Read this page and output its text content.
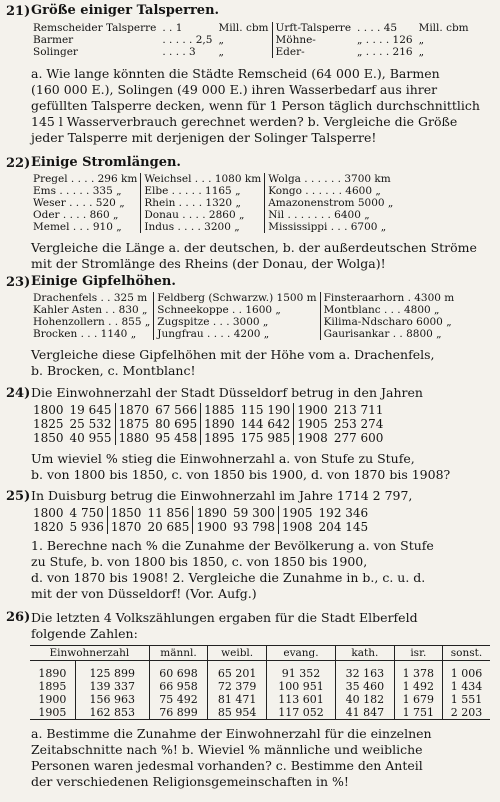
21) Größe einiger Talsperren.
Remscheider Talsperre	. . 1	Mill. cbm	Urft-Talsperre	. . . . 45	Mill. cbm
Barmer	. . . . . 2,5	„	Möhne-	„ . . . . 126	„
Solinger	. . . . 3	„	Eder-	„ . . . . 216	„
a. Wie lange könnten die Städte Remscheid (64 000 E.), Barmen
(160 000 E.), Solingen (49 000 E.) ihren Wasserbedarf aus ihrer
gefüllten Talsperre decken, wenn für 1 Person täglich durchschnittlich
145 l Wasserverbrauch gerechnet werden? b. Vergleiche die Größe
jeder Talsperre mit derjenigen der Solinger Talsperre!
22) Einige Stromlängen.
Pregel . . . . 296 km	Weichsel . . . 1080 km	Wolga . . . . . . 3700 km
Ems . . . . . 335 „	Elbe . . . . . 1165 „	Kongo . . . . . . 4600 „
Weser . . . . 520 „	Rhein . . . . 1320 „	Amazonenstrom 5000 „
Oder . . . . 860 „	Donau . . . . 2860 „	Nil . . . . . . . 6400 „
Memel . . . 910 „	Indus . . . . 3200 „	Mississippi . . . 6700 „
Vergleiche die Länge a. der deutschen, b. der außerdeutschen Ströme
mit der Stromlänge des Rheins (der Donau, der Wolga)!
23) Einige Gipfelhöhen.
Drachenfels . . 325 m	Feldberg (Schwarzw.) 1500 m	Finsteraarhorn . 4300 m
Kahler Asten . . 830 „	Schneekoppe . . 1600 „	Montblanc . . . 4800 „
Hohenzollern . . 855 „	Zugspitze . . . 3000 „	Kilima-Ndscharo 6000 „
Brocken . . . 1140 „	Jungfrau . . . . 4200 „	Gaurisankar . . 8800 „
Vergleiche diese Gipfelhöhen mit der Höhe vom a. Drachenfels,
b. Brocken, c. Montblanc!
24) Die Einwohnerzahl der Stadt Düsseldorf betrug in den Jahren
1800	19 645	1870	67 566	1885	115 190	1900	213 711
1825	25 532	1875	80 695	1890	144 642	1905	253 274
1850	40 955	1880	95 458	1895	175 985	1908	277 600
Um wieviel % stieg die Einwohnerzahl a. von Stufe zu Stufe,
b. von 1800 bis 1850, c. von 1850 bis 1900, d. von 1870 bis 1908?
25) In Duisburg betrug die Einwohnerzahl im Jahre 1714 2 797,
1800	4 750	1850	11 856	1890	59 300	1905	192 346
1820	5 936	1870	20 685	1900	93 798	1908	204 145
1. Berechne nach % die Zunahme der Bevölkerung a. von Stufe
zu Stufe, b. von 1800 bis 1850, c. von 1850 bis 1900,
d. von 1870 bis 1908! 2. Vergleiche die Zunahme in b., c. u. d.
mit der von Düsseldorf! (Vor. Aufg.)
26) Die letzten 4 Volkszählungen ergaben für die Stadt Elberfeld
folgende Zahlen:
Einwohnerzahl		männl.	weibl.	evang.	kath.	isr.	sonst.

1890	125 899	60 698	65 201	91 352	32 163	1 378	1 006
1895	139 337	66 958	72 379	100 951	35 460	1 492	1 434
1900	156 963	75 492	81 471	113 601	40 182	1 679	1 551
1905	162 853	76 899	85 954	117 052	41 847	1 751	2 203
a. Bestimme die Zunahme der Einwohnerzahl für die einzelnen
Zeitabschnitte nach %! b. Wieviel % männliche und weibliche
Personen waren jedesmal vorhanden? c. Bestimme den Anteil
der verschiedenen Religionsgemeinschaften in %!
